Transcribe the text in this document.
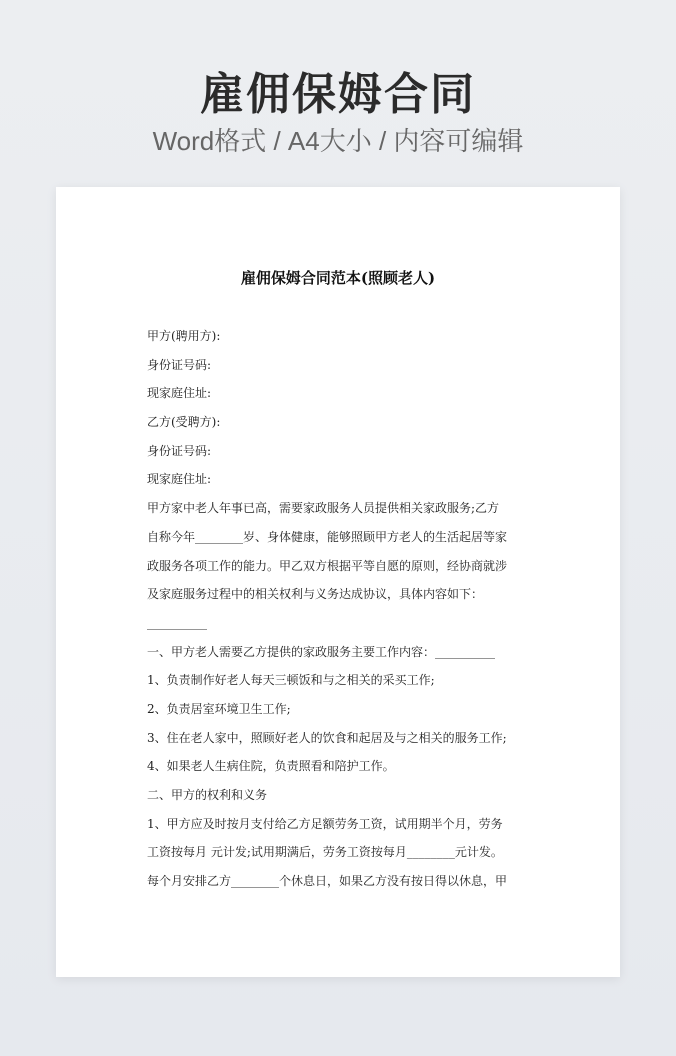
雇佣保姆合同
Word格式 / A4大小 / 内容可编辑
雇佣保姆合同范本(照顾老人)
甲方(聘用方):
身份证号码:
现家庭住址:
乙方(受聘方):
身份证号码:
现家庭住址:
甲方家中老人年事已高，需要家政服务人员提供相关家政服务;乙方
自称今年________岁、身体健康，能够照顾甲方老人的生活起居等家
政服务各项工作的能力。甲乙双方根据平等自愿的原则，经协商就涉
及家庭服务过程中的相关权利与义务达成协议，具体内容如下：
__________
一、甲方老人需要乙方提供的家政服务主要工作内容：__________
1、负责制作好老人每天三顿饭和与之相关的采买工作;
2、负责居室环境卫生工作;
3、住在老人家中，照顾好老人的饮食和起居及与之相关的服务工作;
4、如果老人生病住院，负责照看和陪护工作。
二、甲方的权利和义务
1、甲方应及时按月支付给乙方足额劳务工资，试用期半个月，劳务
工资按每月 元计发;试用期满后，劳务工资按每月________元计发。
每个月安排乙方________个休息日，如果乙方没有按日得以休息，甲
